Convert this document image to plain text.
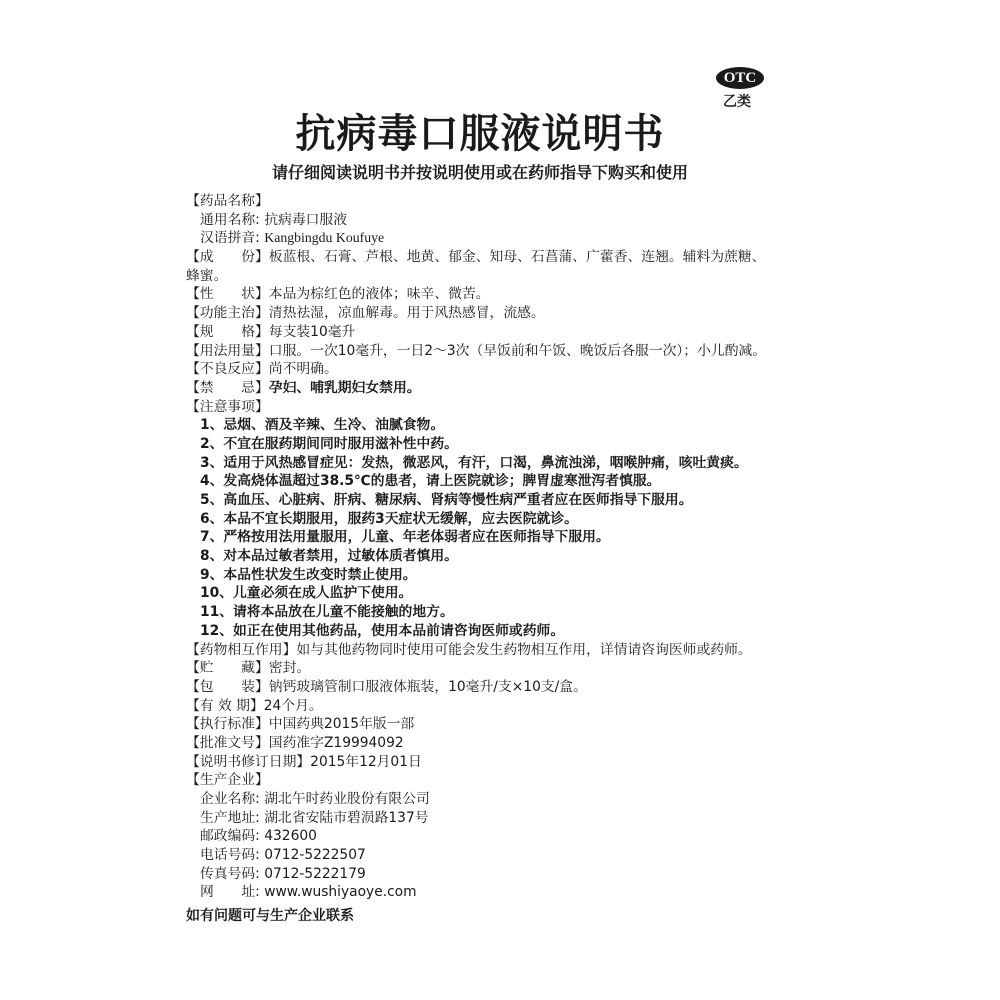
OTC
乙类
抗病毒口服液说明书
请仔细阅读说明书并按说明使用或在药师指导下购买和使用
【药品名称】
通用名称: 抗病毒口服液
汉语拼音: Kangbingdu Koufuye
【成　　份】板蓝根、石膏、芦根、地黄、郁金、知母、石菖蒲、广藿香、连翘。辅料为蔗糖、
蜂蜜。
【性　　状】本品为棕红色的液体；味辛、微苦。
【功能主治】清热祛湿，凉血解毒。用于风热感冒，流感。
【规　　格】每支装10毫升
【用法用量】口服。一次10毫升，一日2～3次（早饭前和午饭、晚饭后各服一次）；小儿酌减。
【不良反应】尚不明确。
【禁　　忌】孕妇、哺乳期妇女禁用。
【注意事项】
1、忌烟、酒及辛辣、生冷、油腻食物。
2、不宜在服药期间同时服用滋补性中药。
3、适用于风热感冒症见：发热，微恶风，有汗，口渴，鼻流浊涕，咽喉肿痛，咳吐黄痰。
4、发高烧体温超过38.5℃的患者，请上医院就诊；脾胃虚寒泄泻者慎服。
5、高血压、心脏病、肝病、糖尿病、肾病等慢性病严重者应在医师指导下服用。
6、本品不宜长期服用，服药3天症状无缓解，应去医院就诊。
7、严格按用法用量服用，儿童、年老体弱者应在医师指导下服用。
8、对本品过敏者禁用，过敏体质者慎用。
9、本品性状发生改变时禁止使用。
10、儿童必须在成人监护下使用。
11、请将本品放在儿童不能接触的地方。
12、如正在使用其他药品，使用本品前请咨询医师或药师。
【药物相互作用】如与其他药物同时使用可能会发生药物相互作用，详情请咨询医师或药师。
【贮　　藏】密封。
【包　　装】钠钙玻璃管制口服液体瓶装，10毫升/支×10支/盒。
【有 效 期】24个月。
【执行标准】中国药典2015年版一部
【批准文号】国药准字Z19994092
【说明书修订日期】2015年12月01日
【生产企业】
企业名称: 湖北午时药业股份有限公司
生产地址: 湖北省安陆市碧涢路137号
邮政编码: 432600
电话号码: 0712-5222507
传真号码: 0712-5222179
网　　址: www.wushiyaoye.com
如有问题可与生产企业联系
